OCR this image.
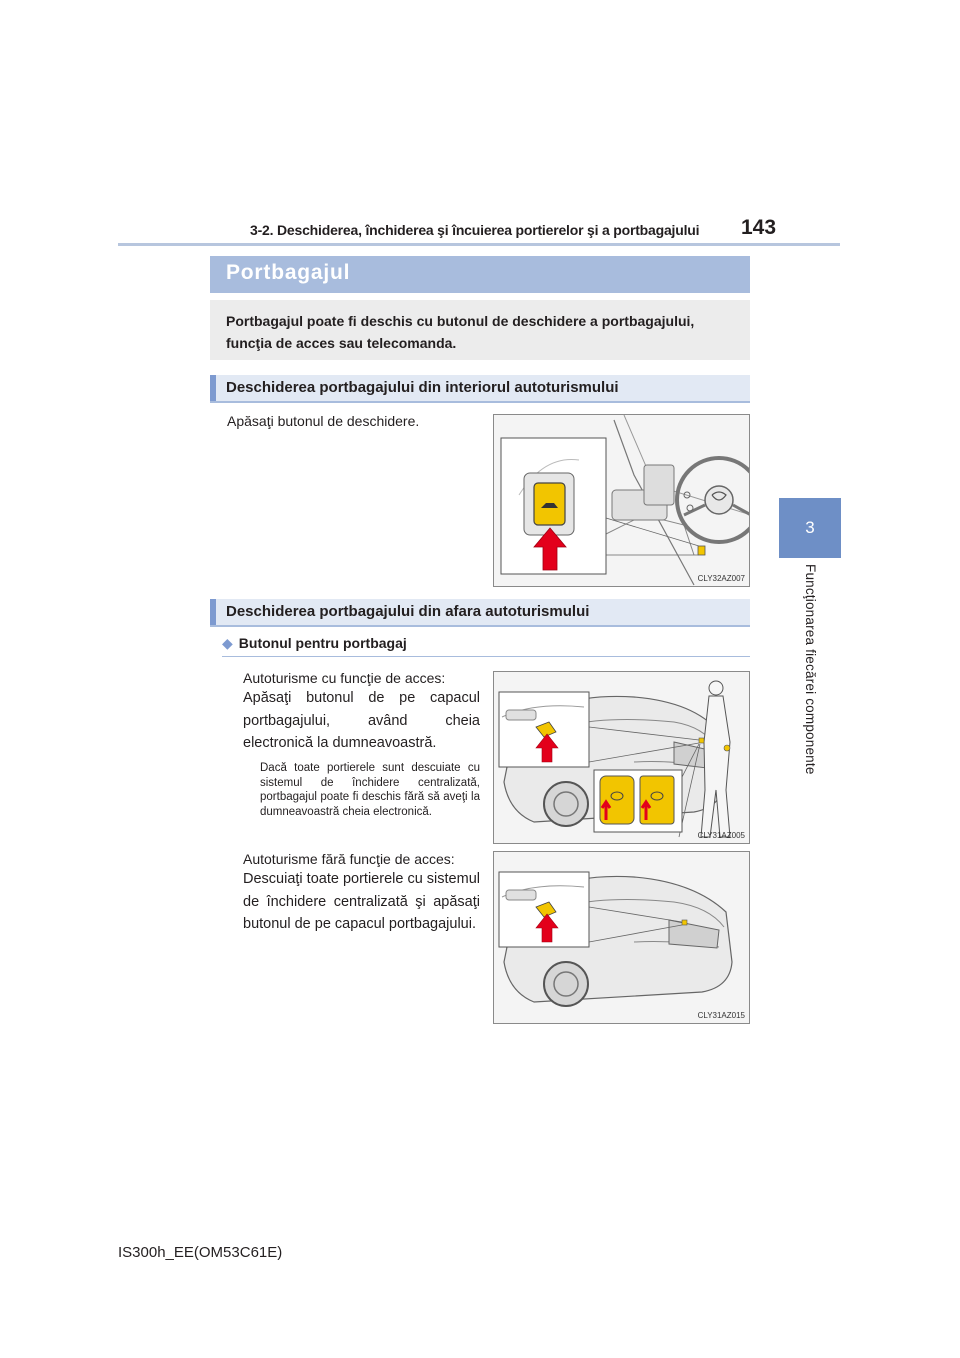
3-2. Deschiderea, închiderea şi încuierea portierelor şi a portbagajului 143
3
Funcţionarea fiecărei componente
Portbagajul
Portbagajul poate fi deschis cu butonul de deschidere a portbagajului, funcţia de acces sau telecomanda.
Deschiderea portbagajului din interiorul autoturismului
Apăsaţi butonul de deschidere.
CLY32AZ007
Deschiderea portbagajului din afara autoturismului
◆ Butonul pentru portbagaj
Autoturisme cu funcţie de acces:
Apăsaţi butonul de pe capacul portbagajului, având cheia electronică la dumneavoastră.
Dacă toate portierele sunt descuiate cu sistemul de închidere centralizată, portbagajul poate fi deschis fără să aveţi la dumneavoastră cheia electronică.
Autoturisme fără funcţie de acces:
Descuiaţi toate portierele cu sistemul de închidere centralizată şi apăsaţi butonul de pe capacul portbagajului.
CLY31AZ005
CLY31AZ015
IS300h_EE(OM53C61E)
